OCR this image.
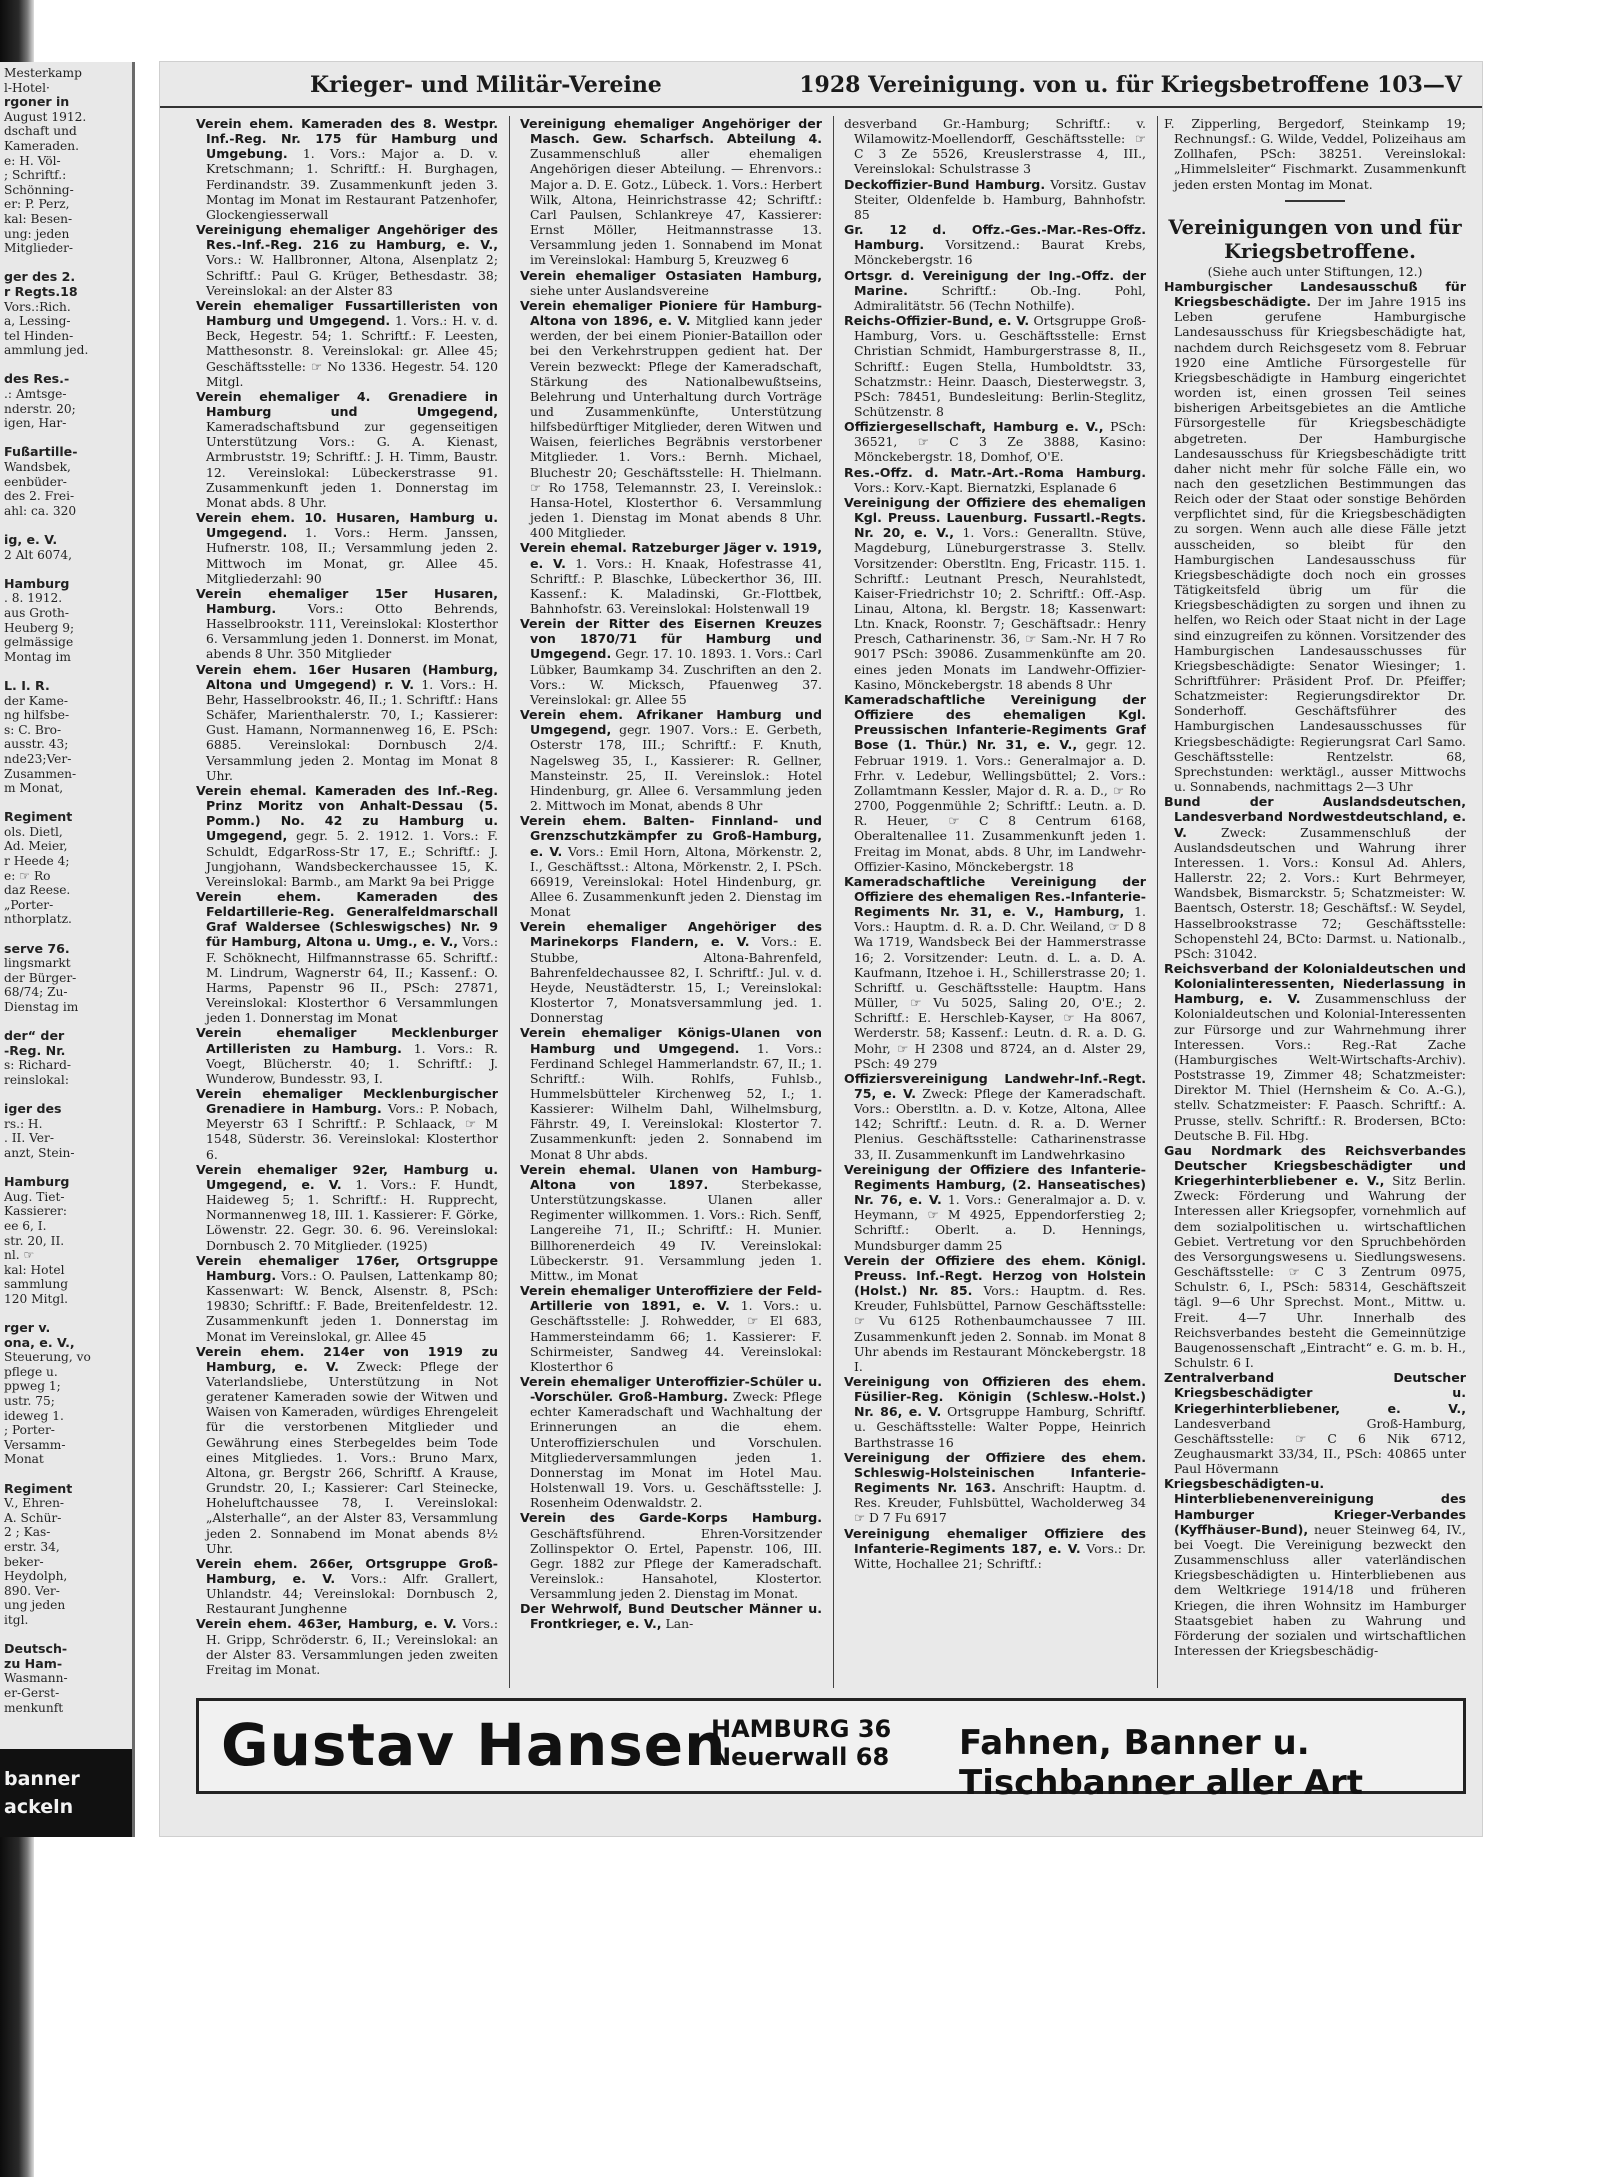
Mesterkamp
l-Hotel·
rgoner in
August 1912.
dschaft und
Kameraden.
e: H. Völ-
; Schriftf.:
Schönning-
er: P. Perz,
kal: Besen-
ung: jeden
Mitglieder-

ger des 2.
r Regts.18
Vors.:Rich.
a, Lessing-
tel Hinden-
ammlung jed.

des Res.-
.: Amtsge-
nderstr. 20;
igen, Har-

Fußartille-
Wandsbek,
eenbüder-
des 2. Frei-
ahl: ca. 320

ig, e. V.
2 Alt 6074,

Hamburg
. 8. 1912.
aus Groth-
Heuberg 9;
gelmässige
Montag im

L. I. R.
der Kame-
ng hilfsbe-
s: C. Bro-
ausstr. 43;
nde23;Ver-
Zusammen-
m Monat,

Regiment
ols. Dietl,
Ad. Meier,
r Heede 4;
e: ☞ Ro
daz Reese.
„Porter-
nthorplatz.

serve 76.
lingsmarkt
der Bürger-
68/74; Zu-
Dienstag im

der“ der
-Reg. Nr.
s: Richard-
reinslokal:

iger des
rs.: H.
. II. Ver-
anzt, Stein-

Hamburg
Aug. Tiet-
Kassierer:
ee 6, I.
str. 20, II.
nl. ☞
kal: Hotel
sammlung
120 Mitgl.

rger v.
ona, e. V.,
Steuerung, vo
pflege u.
ppweg 1;
ustr. 75;
ideweg 1.
; Porter-
Versamm-
Monat

Regiment
V., Ehren-
A. Schür-
2 ; Kas-
erstr. 34,
beker-
Heydolph,
890. Ver-
ung jeden
itgl.

Deutsch-
zu Ham-
Wasmann-
er-Gerst-
menkunft
banner
ackeln
Krieger- und Militär-Vereine	1928 Vereinigung. von u. für Kriegsbetroffene 103—V

Verein ehem. Kameraden des 8. Westpr. Inf.-Reg. Nr. 175 für Hamburg und Umgebung. 1. Vors.: Major a. D. v. Kretschmann; 1. Schriftf.: H. Burghagen, Ferdinandstr. 39. Zusammenkunft jeden 3. Montag im Monat im Restaurant Patzenhofer, Glockengiesserwall

Vereinigung ehemaliger Angehöriger des Res.-Inf.-Reg. 216 zu Hamburg, e. V., Vors.: W. Hallbronner, Altona, Alsenplatz 2; Schriftf.: Paul G. Krüger, Bethesdastr. 38; Vereinslokal: an der Alster 83

Verein ehemaliger Fussartilleristen von Hamburg und Umgegend. 1. Vors.: H. v. d. Beck, Hegestr. 54; 1. Schriftf.: F. Leesten, Matthesonstr. 8. Vereinslokal: gr. Allee 45; Geschäftsstelle: ☞ No 1336. Hegestr. 54. 120 Mitgl.

Verein ehemaliger 4. Grenadiere in Hamburg und Umgegend, Kameradschaftsbund zur gegenseitigen Unterstützung Vors.: G. A. Kienast, Armbruststr. 19; Schriftf.: J. H. Timm, Baustr. 12. Vereinslokal: Lübeckerstrasse 91. Zusammenkunft jeden 1. Donnerstag im Monat abds. 8 Uhr.

Verein ehem. 10. Husaren, Hamburg u. Umgegend. 1. Vors.: Herm. Janssen, Hufnerstr. 108, II.; Versammlung jeden 2. Mittwoch im Monat, gr. Allee 45. Mitgliederzahl: 90

Verein ehemaliger 15er Husaren, Hamburg.	Vors.: Otto Behrends, Hasselbrookstr. 111, Vereinslokal: Klosterthor 6. Versammlung jeden 1. Donnerst. im Monat, abends 8 Uhr. 350 Mitglieder

Verein ehem. 16er Husaren (Hamburg, Altona und Umgegend) r. V. 1. Vors.: H. Behr, Hasselbrookstr. 46, II.; 1. Schriftf.: Hans Schäfer, Marienthalerstr. 70, I.; Kassierer: Gust. Hamann, Normannenweg 16, E. PSch: 6885. Vereinslokal: Dornbusch 2/4. Versammlung jeden 2. Montag im Monat 8 Uhr.

Verein ehemal. Kameraden des Inf.-Reg. Prinz Moritz von Anhalt-Dessau (5. Pomm.) No. 42 zu Hamburg u. Umgegend, gegr. 5. 2. 1912. 1. Vors.: F. Schuldt, EdgarRoss-Str 17, E.; Schriftf.: J. Jungjohann, Wandsbeckerchaussee 15, K. Vereinslokal: Barmb., am Markt 9a bei Prigge

Verein ehem. Kameraden des Feldartillerie-Reg. Generalfeldmarschall Graf Waldersee (Schleswigsches) Nr. 9 für Hamburg, Altona u. Umg., e. V., Vors.: F. Schöknecht, Hilfmannstrasse 65. Schriftf.: M. Lindrum, Wagnerstr 64, II.; Kassenf.: O. Harms, Papenstr 96 II., PSch: 27871, Vereinslokal: Klosterthor 6 Versammlungen jeden 1. Donnerstag im Monat

Verein ehemaliger Mecklenburger Artilleristen zu Hamburg. 1. Vors.: R. Voegt, Blücherstr. 40; 1. Schriftf.: J. Wunderow, Bundesstr. 93, I.

Verein ehemaliger Mecklenburgischer Grenadiere in Hamburg. Vors.: P. Nobach, Meyerstr 63 I Schriftf.: P. Schlaack, ☞ M 1548, Süderstr. 36. Vereinslokal: Klosterthor 6.

Verein ehemaliger 92er, Hamburg u. Umgegend, e. V. 1. Vors.: F. Hundt, Haideweg 5; 1. Schriftf.: H. Rupprecht, Normannenweg 18, III. 1. Kassierer: F. Görke, Löwenstr. 22. Gegr. 30. 6. 96. Vereinslokal: Dornbusch 2. 70 Mitglieder. (1925)

Verein ehemaliger 176er, Ortsgruppe Hamburg. Vors.: O. Paulsen, Lattenkamp 80; Kassenwart: W. Benck, Alsenstr. 8, PSch: 19830; Schriftf.: F. Bade, Breitenfeldestr. 12. Zusammenkunft jeden 1. Donnerstag im Monat im Vereinslokal, gr. Allee 45

Verein ehem. 214er von 1919 zu Hamburg, e. V. Zweck: Pflege der Vaterlandsliebe, Unterstützung in Not geratener Kameraden sowie der Witwen und Waisen von Kameraden, würdiges Ehrengeleit für die verstorbenen Mitglieder und Gewährung eines Sterbegeldes beim Tode eines Mitgliedes. 1. Vors.: Bruno Marx, Altona, gr. Bergstr 266, Schriftf. A Krause, Grundstr. 20, I.; Kassierer: Carl Steinecke, Hoheluftchaussee 78, I. Vereinslokal: „Alsterhalle“, an der Alster 83, Versammlung jeden 2. Sonnabend im Monat abends 8½ Uhr.

Verein ehem. 266er, Ortsgruppe Groß-Hamburg, e. V. Vors.: Alfr. Grallert, Uhlandstr. 44; Vereinslokal: Dornbusch 2, Restaurant Junghenne

Verein ehem. 463er, Hamburg, e. V. Vors.: H. Gripp, Schröderstr. 6, II.; Vereinslokal: an der Alster 83. Versammlungen jeden zweiten Freitag im Monat.

Vereinigung ehemaliger Angehöriger der Masch. Gew. Scharfsch. Abteilung 4. Zusammenschluß aller ehemaligen Angehörigen dieser Abteilung. — Ehrenvors.: Major a. D. E. Gotz., Lübeck. 1. Vors.: Herbert Wilk, Altona, Heinrichstrasse 42; Schriftf.: Carl Paulsen, Schlankreye 47, Kassierer: Ernst Möller, Heitmannstrasse 13. Versammlung jeden 1. Sonnabend im Monat im Vereinslokal: Hamburg 5, Kreuzweg 6

Verein ehemaliger Ostasiaten Hamburg, siehe unter Auslandsvereine

Verein ehemaliger Pioniere für Hamburg-Altona von 1896, e. V. Mitglied kann jeder werden, der bei einem Pionier-Bataillon oder bei den Verkehrstruppen gedient hat. Der Verein bezweckt: Pflege der Kameradschaft, Stärkung des Nationalbewußtseins, Belehrung und Unterhaltung durch Vorträge und Zusammenkünfte, Unterstützung hilfsbedürftiger Mitglieder, deren Witwen und Waisen, feierliches Begräbnis verstorbener Mitglieder. 1. Vors.: Bernh. Michael, Bluchestr 20; Geschäftsstelle: H. Thielmann. ☞ Ro 1758, Telemannstr. 23, I. Vereinslok.: Hansa-Hotel, Klosterthor 6. Versammlung jeden 1. Dienstag im Monat abends 8 Uhr. 400 Mitglieder.

Verein ehemal. Ratzeburger Jäger v. 1919, e. V. 1. Vors.: H. Knaak, Hofestrasse 41, Schriftf.: P. Blaschke, Lübeckerthor 36, III. Kassenf.: K. Maladinski, Gr.-Flottbek, Bahnhofstr. 63. Vereinslokal: Holstenwall 19

Verein der Ritter des Eisernen Kreuzes von 1870/71 für Hamburg und Umgegend. Gegr. 17. 10. 1893. 1. Vors.: Carl Lübker, Baumkamp 34. Zuschriften an den 2. Vors.: W. Micksch, Pfauenweg 37. Vereinslokal: gr. Allee 55

Verein ehem. Afrikaner Hamburg und Umgegend, gegr. 1907. Vors.: E. Gerbeth, Osterstr 178, III.; Schriftf.: F. Knuth, Nagelsweg 35, I., Kassierer: R. Gellner, Mansteinstr. 25, II. Vereinslok.: Hotel Hindenburg, gr. Allee 6. Versammlung jeden 2. Mittwoch im Monat, abends 8 Uhr

Verein ehem. Balten- Finnland- und Grenzschutzkämpfer zu Groß-Hamburg, e. V. Vors.: Emil Horn, Altona, Mörkenstr. 2, I., Geschäftsst.: Altona, Mörkenstr. 2, I. PSch. 66919, Vereinslokal: Hotel Hindenburg, gr. Allee 6. Zusammenkunft jeden 2. Dienstag im Monat

Verein ehemaliger Angehöriger des Marinekorps Flandern, e. V. Vors.: E. Stubbe, Altona-Bahrenfeld, Bahrenfeldechaussee 82, I. Schriftf.: Jul. v. d. Heyde, Neustädterstr. 15, I.; Vereinslokal: Klostertor 7, Monatsversammlung jed. 1. Donnerstag

Verein ehemaliger Königs-Ulanen von Hamburg und Umgegend. 1. Vors.: Ferdinand Schlegel Hammerlandstr. 67, II.; 1. Schriftf.: Wilh. Rohlfs, Fuhlsb., Hummelsbütteler Kirchenweg 52, I.; 1. Kassierer: Wilhelm Dahl, Wilhelmsburg, Fährstr. 49, I. Vereinslokal: Klostertor 7. Zusammenkunft: jeden 2. Sonnabend im Monat 8 Uhr abds.

Verein ehemal. Ulanen von Hamburg-Altona von 1897.	Sterbekasse, Unterstützungskasse. Ulanen aller Regimenter willkommen. 1. Vors.: Rich. Senff, Langereihe 71, II.; Schriftf.: H. Munier. Billhorenerdeich 49 IV. Vereinslokal: Lübeckerstr. 91. Versammlung jeden 1. Mittw., im Monat

Verein ehemaliger Unteroffiziere der Feld-Artillerie von 1891, e. V. 1. Vors.: u. Geschäftsstelle: J. Rohwedder, ☞ El 683, Hammersteindamm 66; 1. Kassierer: F. Schirmeister, Sandweg 44. Vereinslokal: Klosterthor 6

Verein ehemaliger Unteroffizier-Schüler u. -Vorschüler. Groß-Hamburg. Zweck: Pflege echter Kameradschaft und Wachhaltung der Erinnerungen an die ehem. Unteroffizierschulen und Vorschulen. Mitgliederversammlungen jeden 1. Donnerstag im Monat im Hotel Mau. Holstenwall 19. Vors. u. Geschäftsstelle: J. Rosenheim Odenwaldstr. 2.

Verein des Garde-Korps Hamburg. Geschäftsführend. Ehren-Vorsitzender Zollinspektor O. Ertel, Papenstr. 106, III. Gegr. 1882 zur Pflege der Kameradschaft. Vereinslok.: Hansahotel, Klostertor. Versammlung jeden 2. Dienstag im Monat.

Der Wehrwolf, Bund Deutscher Männer u. Frontkrieger, e. V., Lan-

desverband Gr.-Hamburg; Schriftf.: v. Wilamowitz-Moellendorff, Geschäftsstelle: ☞ C 3 Ze 5526, Kreuslerstrasse 4, III., Vereinslokal: Schulstrasse 3

Deckoffizier-Bund Hamburg. Vorsitz. Gustav Steiter, Oldenfelde b. Hamburg, Bahnhofstr. 85

Gr. 12 d. Offz.-Ges.-Mar.-Res-Offz. Hamburg. Vorsitzend.: Baurat Krebs, Mönckebergstr. 16

Ortsgr. d. Vereinigung der Ing.-Offz. der Marine.	Schriftf.: Ob.-Ing. Pohl, Admiralitätstr. 56 (Techn Nothilfe).

Reichs-Offizier-Bund, e. V. Ortsgruppe Groß-Hamburg, Vors. u. Geschäftsstelle: Ernst Christian Schmidt, Hamburgerstrasse 8, II., Schriftf.: Eugen Stella, Humboldtstr. 33, Schatzmstr.: Heinr. Daasch, Diesterwegstr. 3, PSch: 78451, Bundesleitung: Berlin-Steglitz, Schützenstr. 8

Offiziergesellschaft, Hamburg e. V., PSch: 36521, ☞ C 3 Ze 3888, Kasino: Mönckebergstr. 18, Domhof, O'E.

Res.-Offz. d. Matr.-Art.-Roma Hamburg. Vors.: Korv.-Kapt. Biernatzki, Esplanade 6

Vereinigung der Offiziere des ehemaligen Kgl. Preuss. Lauenburg. Fussartl.-Regts. Nr. 20, e. V., 1. Vors.: Generalltn. Stüve, Magdeburg, Lüneburgerstrasse 3. Stellv. Vorsitzender: Oberstltn. Eng, Fricastr. 115. 1. Schriftf.: Leutnant Presch, Neurahlstedt, Kaiser-Friedrichstr 10; 2. Schriftf.: Off.-Asp. Linau, Altona, kl. Bergstr. 18; Kassenwart: Ltn. Knack, Roonstr. 7; Geschäftsadr.: Henry Presch, Catharinenstr. 36, ☞ Sam.-Nr. H 7 Ro 9017 PSch: 39086. Zusammenkünfte am 20. eines jeden Monats im Landwehr-Offizier-Kasino, Mönckebergstr. 18 abends 8 Uhr

Kameradschaftliche Vereinigung der Offiziere des ehemaligen Kgl. Preussischen Infanterie-Regiments Graf Bose (1. Thür.) Nr. 31, e. V., gegr. 12. Februar 1919. 1. Vors.: Generalmajor a. D. Frhr. v. Ledebur, Wellingsbüttel; 2. Vors.: Zollamtmann Kessler, Major d. R. a. D., ☞ Ro 2700, Poggenmühle 2; Schriftf.: Leutn. a. D. R. Heuer, ☞ C 8 Centrum 6168, Oberaltenallee 11. Zusammenkunft jeden 1. Freitag im Monat, abds. 8 Uhr, im Landwehr-Offizier-Kasino, Mönckebergstr. 18

Kameradschaftliche Vereinigung der Offiziere des ehemaligen Res.-Infanterie-Regiments Nr. 31, e. V., Hamburg, 1. Vors.: Hauptm. d. R. a. D. Chr. Weiland, ☞ D 8 Wa 1719, Wandsbeck Bei der Hammerstrasse 16; 2. Vorsitzender: Leutn. d. L. a. D. A. Kaufmann, Itzehoe i. H., Schillerstrasse 20; 1. Schriftf. u. Geschäftsstelle: Hauptm. Hans Müller, ☞ Vu 5025, Saling 20, O'E.; 2. Schriftf.: E. Herschleb-Kayser, ☞ Ha 8067, Werderstr. 58; Kassenf.: Leutn. d. R. a. D. G. Mohr, ☞ H 2308 und 8724, an d. Alster 29, PSch: 49 279

Offiziersvereinigung Landwehr-Inf.-Regt. 75, e. V. Zweck: Pflege der Kameradschaft. Vors.: Oberstltn. a. D. v. Kotze, Altona, Allee 142; Schriftf.: Leutn. d. R. a. D. Werner Plenius. Geschäftsstelle: Catharinenstrasse 33, II. Zusammenkunft im Landwehrkasino

Vereinigung der Offiziere des Infanterie-Regiments Hamburg, (2. Hanseatisches) Nr. 76, e. V. 1. Vors.: Generalmajor a. D. v. Heymann, ☞ M 4925, Eppendorferstieg 2; Schriftf.: Oberlt. a. D. Hennings, Mundsburger damm 25

Verein der Offiziere des ehem. Königl. Preuss. Inf.-Regt. Herzog von Holstein (Holst.) Nr. 85. Vors.: Hauptm. d. Res. Kreuder, Fuhlsbüttel, Parnow Geschäftsstelle: ☞ Vu 6125 Rothenbaumchaussee 7 III. Zusammenkunft jeden 2. Sonnab. im Monat 8 Uhr abends im Restaurant Mönckebergstr. 18 I.

Vereinigung von Offizieren des ehem. Füsilier-Reg. Königin (Schlesw.-Holst.) Nr. 86, e. V. Ortsgruppe Hamburg, Schriftf. u. Geschäftsstelle: Walter Poppe, Heinrich Barthstrasse 16

Vereinigung der Offiziere des ehem. Schleswig-Holsteinischen Infanterie-Regiments Nr. 163. Anschrift: Hauptm. d. Res. Kreuder, Fuhlsbüttel, Wacholderweg 34 ☞ D 7 Fu 6917

Vereinigung ehemaliger Offiziere des Infanterie-Regiments 187, e. V. Vors.: Dr. Witte, Hochallee 21; Schriftf.:

F. Zipperling, Bergedorf, Steinkamp 19; Rechnungsf.: G. Wilde, Veddel, Polizeihaus am Zollhafen, PSch: 38251. Vereinslokal: „Himmelsleiter“ Fischmarkt. Zusammenkunft jeden ersten Montag im Monat.

Vereinigungen von und für Kriegsbetroffene.

(Siehe auch unter Stiftungen, 12.)

Hamburgischer Landesausschuß für Kriegsbeschädigte. Der im Jahre 1915 ins Leben gerufene Hamburgische Landesausschuss für Kriegsbeschädigte hat, nachdem durch Reichsgesetz vom 8. Februar 1920 eine Amtliche Fürsorgestelle für Kriegsbeschädigte in Hamburg eingerichtet worden ist, einen grossen Teil seines bisherigen Arbeitsgebietes an die Amtliche Fürsorgestelle für Kriegsbeschädigte abgetreten. Der Hamburgische Landesausschuss für Kriegsbeschädigte tritt daher nicht mehr für solche Fälle ein, wo nach den gesetzlichen Bestimmungen das Reich oder der Staat oder sonstige Behörden verpflichtet sind, für die Kriegsbeschädigten zu sorgen. Wenn auch alle diese Fälle jetzt ausscheiden, so bleibt für den Hamburgischen Landesausschuss für Kriegsbeschädigte doch noch ein grosses Tätigkeitsfeld übrig um für die Kriegsbeschädigten zu sorgen und ihnen zu helfen, wo Reich oder Staat nicht in der Lage sind einzugreifen zu können. Vorsitzender des Hamburgischen Landesausschusses für Kriegsbeschädigte: Senator Wiesinger; 1. Schriftführer: Präsident Prof. Dr. Pfeiffer; Schatzmeister: Regierungsdirektor Dr. Sonderhoff. Geschäftsführer des Hamburgischen Landesausschusses für Kriegsbeschädigte: Regierungsrat Carl Samo. Geschäftsstelle: Rentzelstr. 68, Sprechstunden: werktägl., ausser Mittwochs u. Sonnabends, nachmittags 2—3 Uhr

Bund der Auslandsdeutschen, Landesverband Nordwestdeutschland, e. V.	Zweck: Zusammenschluß der Auslandsdeutschen und Wahrung ihrer Interessen. 1. Vors.: Konsul Ad. Ahlers, Hallerstr. 22; 2. Vors.: Kurt Behrmeyer, Wandsbek, Bismarckstr. 5; Schatzmeister: W. Baentsch, Osterstr. 18; Geschäftsf.: W. Seydel, Hasselbrookstrasse 72; Geschäftsstelle: Schopenstehl 24, BCto: Darmst. u. Nationalb., PSch: 31042.

Reichsverband der Kolonialdeutschen und Kolonialinteressenten, Niederlassung in Hamburg, e. V. Zusammenschluss der Kolonialdeutschen und Kolonial-Interessenten zur Fürsorge und zur Wahrnehmung ihrer Interessen. Vors.: Reg.-Rat Zache (Hamburgisches Welt-Wirtschafts-Archiv). Poststrasse 19, Zimmer 48; Schatzmeister: Direktor M. Thiel (Hernsheim & Co. A.-G.), stellv. Schatzmeister: F. Paasch. Schriftf.: A. Prusse, stellv. Schriftf.: R. Brodersen, BCto: Deutsche B. Fil. Hbg.

Gau Nordmark des Reichsverbandes Deutscher Kriegsbeschädigter und Kriegerhinterbliebener e. V., Sitz Berlin. Zweck: Förderung und Wahrung der Interessen aller Kriegsopfer, vornehmlich auf dem sozialpolitischen u. wirtschaftlichen Gebiet. Vertretung vor den Spruchbehörden des Versorgungswesens u. Siedlungswesens. Geschäftsstelle: ☞ C 3 Zentrum 0975, Schulstr. 6, I., PSch: 58314, Geschäftszeit tägl. 9—6 Uhr Sprechst. Mont., Mittw. u. Freit. 4—7 Uhr. Innerhalb des Reichsverbandes besteht die Gemeinnützige Baugenossenschaft „Eintracht“ e. G. m. b. H., Schulstr. 6 I.

Zentralverband Deutscher Kriegsbeschädigter u. Kriegerhinterbliebener, e. V., Landesverband Groß-Hamburg, Geschäftsstelle: ☞ C 6 Nik 6712, Zeughausmarkt 33/34, II., PSch: 40865 unter Paul Hövermann

Kriegsbeschädigten-u. Hinterbliebenenvereinigung des Hamburger Krieger-Verbandes (Kyffhäuser-Bund), neuer Steinweg 64, IV., bei Voegt. Die Vereinigung bezweckt den Zusammenschluss aller vaterländischen Kriegsbeschädigten u. Hinterbliebenen aus dem Weltkriege 1914/18 und früheren Kriegen, die ihren Wohnsitz im Hamburger Staatsgebiet haben zu Wahrung und Förderung der sozialen und wirtschaftlichen Interessen der Kriegsbeschädig-

Gustav Hansen
HAMBURG 36
Neuerwall 68 Fahnen, Banner u. Tischbanner aller Art
